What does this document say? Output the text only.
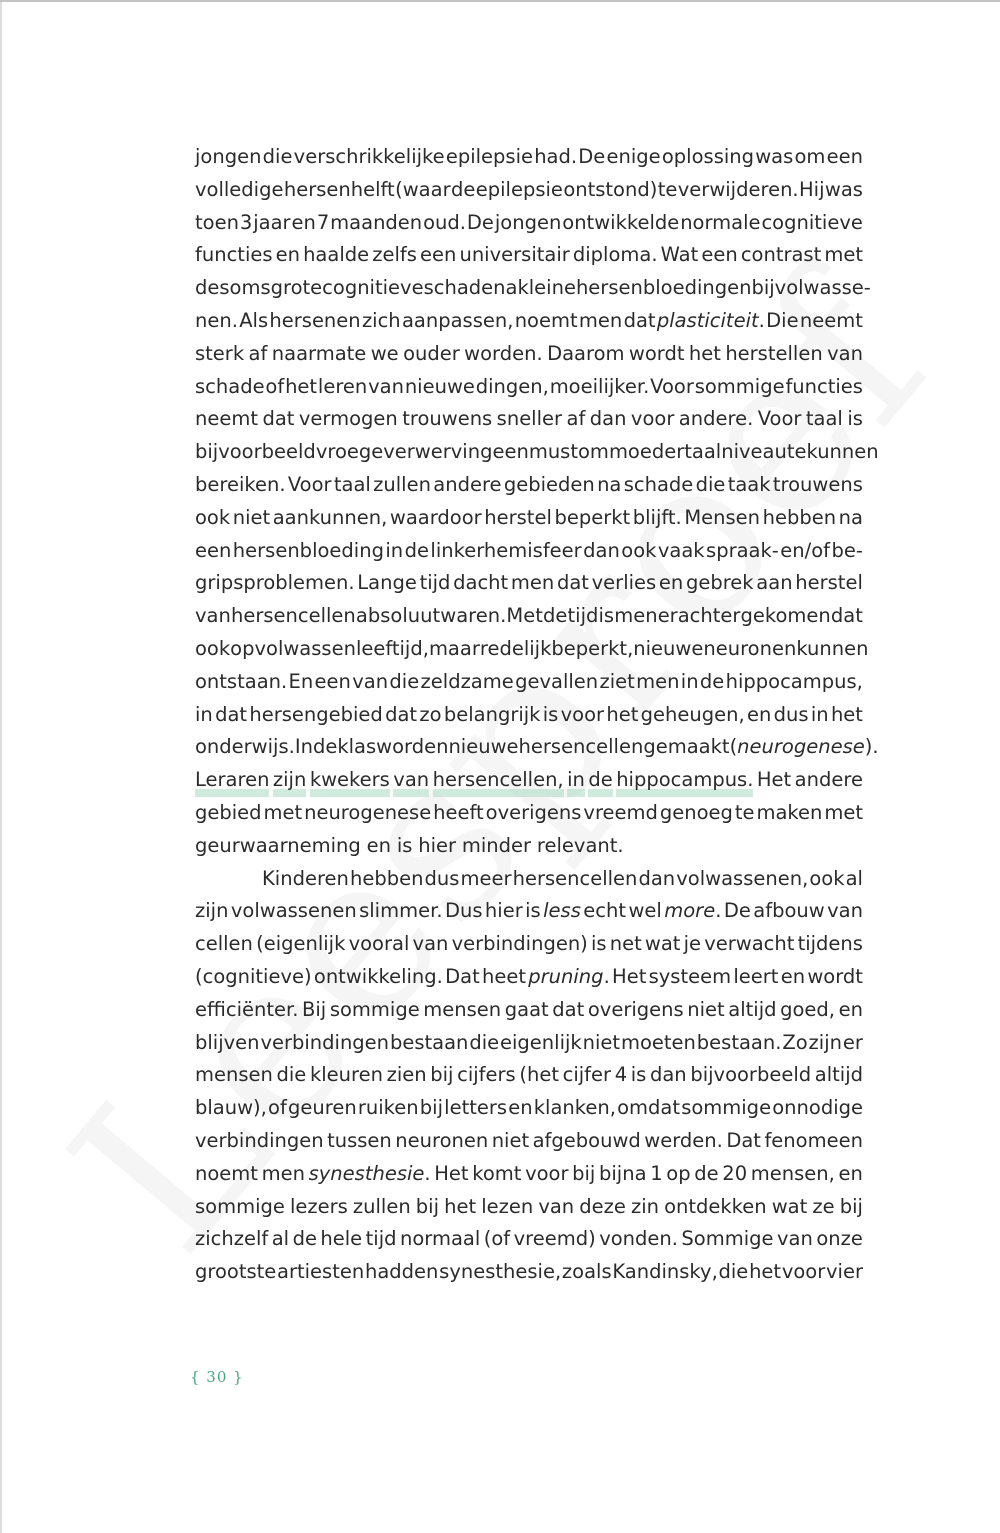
jongen die verschrikkelijke epilepsie had. De enige oplossing was om een
volledige hersenhelft (waar de epilepsie ontstond) te verwijderen. Hij was
toen 3 jaar en 7 maanden oud. De jongen ontwikkelde normale cognitieve
functies en haalde zelfs een universitair diploma. Wat een contrast met
de soms grote cognitieve schade na kleine hersenbloedingen bij volwasse-
nen. Als hersenen zich aanpassen, noemt men dat plasticiteit. Die neemt
sterk af naarmate we ouder worden. Daarom wordt het herstellen van
schade of het leren van nieuwe dingen, moeilijker. Voor sommige functies
neemt dat vermogen trouwens sneller af dan voor andere. Voor taal is
bijvoorbeeld vroege verwerving een must om moedertaalniveau te kunnen
bereiken. Voor taal zullen andere gebieden na schade die taak trouwens
ook niet aankunnen, waardoor herstel beperkt blijft. Mensen hebben na
een hersenbloeding in de linkerhemisfeer dan ook vaak spraak- en/of be-
gripsproblemen. Lange tijd dacht men dat verlies en gebrek aan herstel
van hersencellen absoluut waren. Met de tijd is men erachter gekomen dat
ook op volwassen leeftijd, maar redelijk beperkt, nieuwe neuronen kunnen
ontstaan. En een van die zeldzame gevallen ziet men in de hippocampus,
in dat hersengebied dat zo belangrijk is voor het geheugen, en dus in het
onderwijs. In de klas worden nieuwe hersencellen gemaakt (neurogenese).
Leraren zijn kwekers van hersencellen, in de hippocampus. Het andere
gebied met neurogenese heeft overigens vreemd genoeg te maken met
geurwaarneming en is hier minder relevant.
Kinderen hebben dus meer hersencellen dan volwassenen, ook al
zijn volwassenen slimmer. Dus hier is less echt wel more. De afbouw van
cellen (eigenlijk vooral van verbindingen) is net wat je verwacht tijdens
(cognitieve) ontwikkeling. Dat heet pruning. Het systeem leert en wordt
efficiënter. Bij sommige mensen gaat dat overigens niet altijd goed, en
blijven verbindingen bestaan die eigenlijk niet moeten bestaan. Zo zijn er
mensen die kleuren zien bij cijfers (het cijfer 4 is dan bijvoorbeeld altijd
blauw), of geuren ruiken bij letters en klanken, omdat sommige onnodige
verbindingen tussen neuronen niet afgebouwd werden. Dat fenomeen
noemt men synesthesie. Het komt voor bij bijna 1 op de 20 mensen, en
sommige lezers zullen bij het lezen van deze zin ontdekken wat ze bij
zichzelf al de hele tijd normaal (of vreemd) vonden. Sommige van onze
grootste artiesten hadden synesthesie, zoals Kandinsky, die het voor vier
{ 30 }
